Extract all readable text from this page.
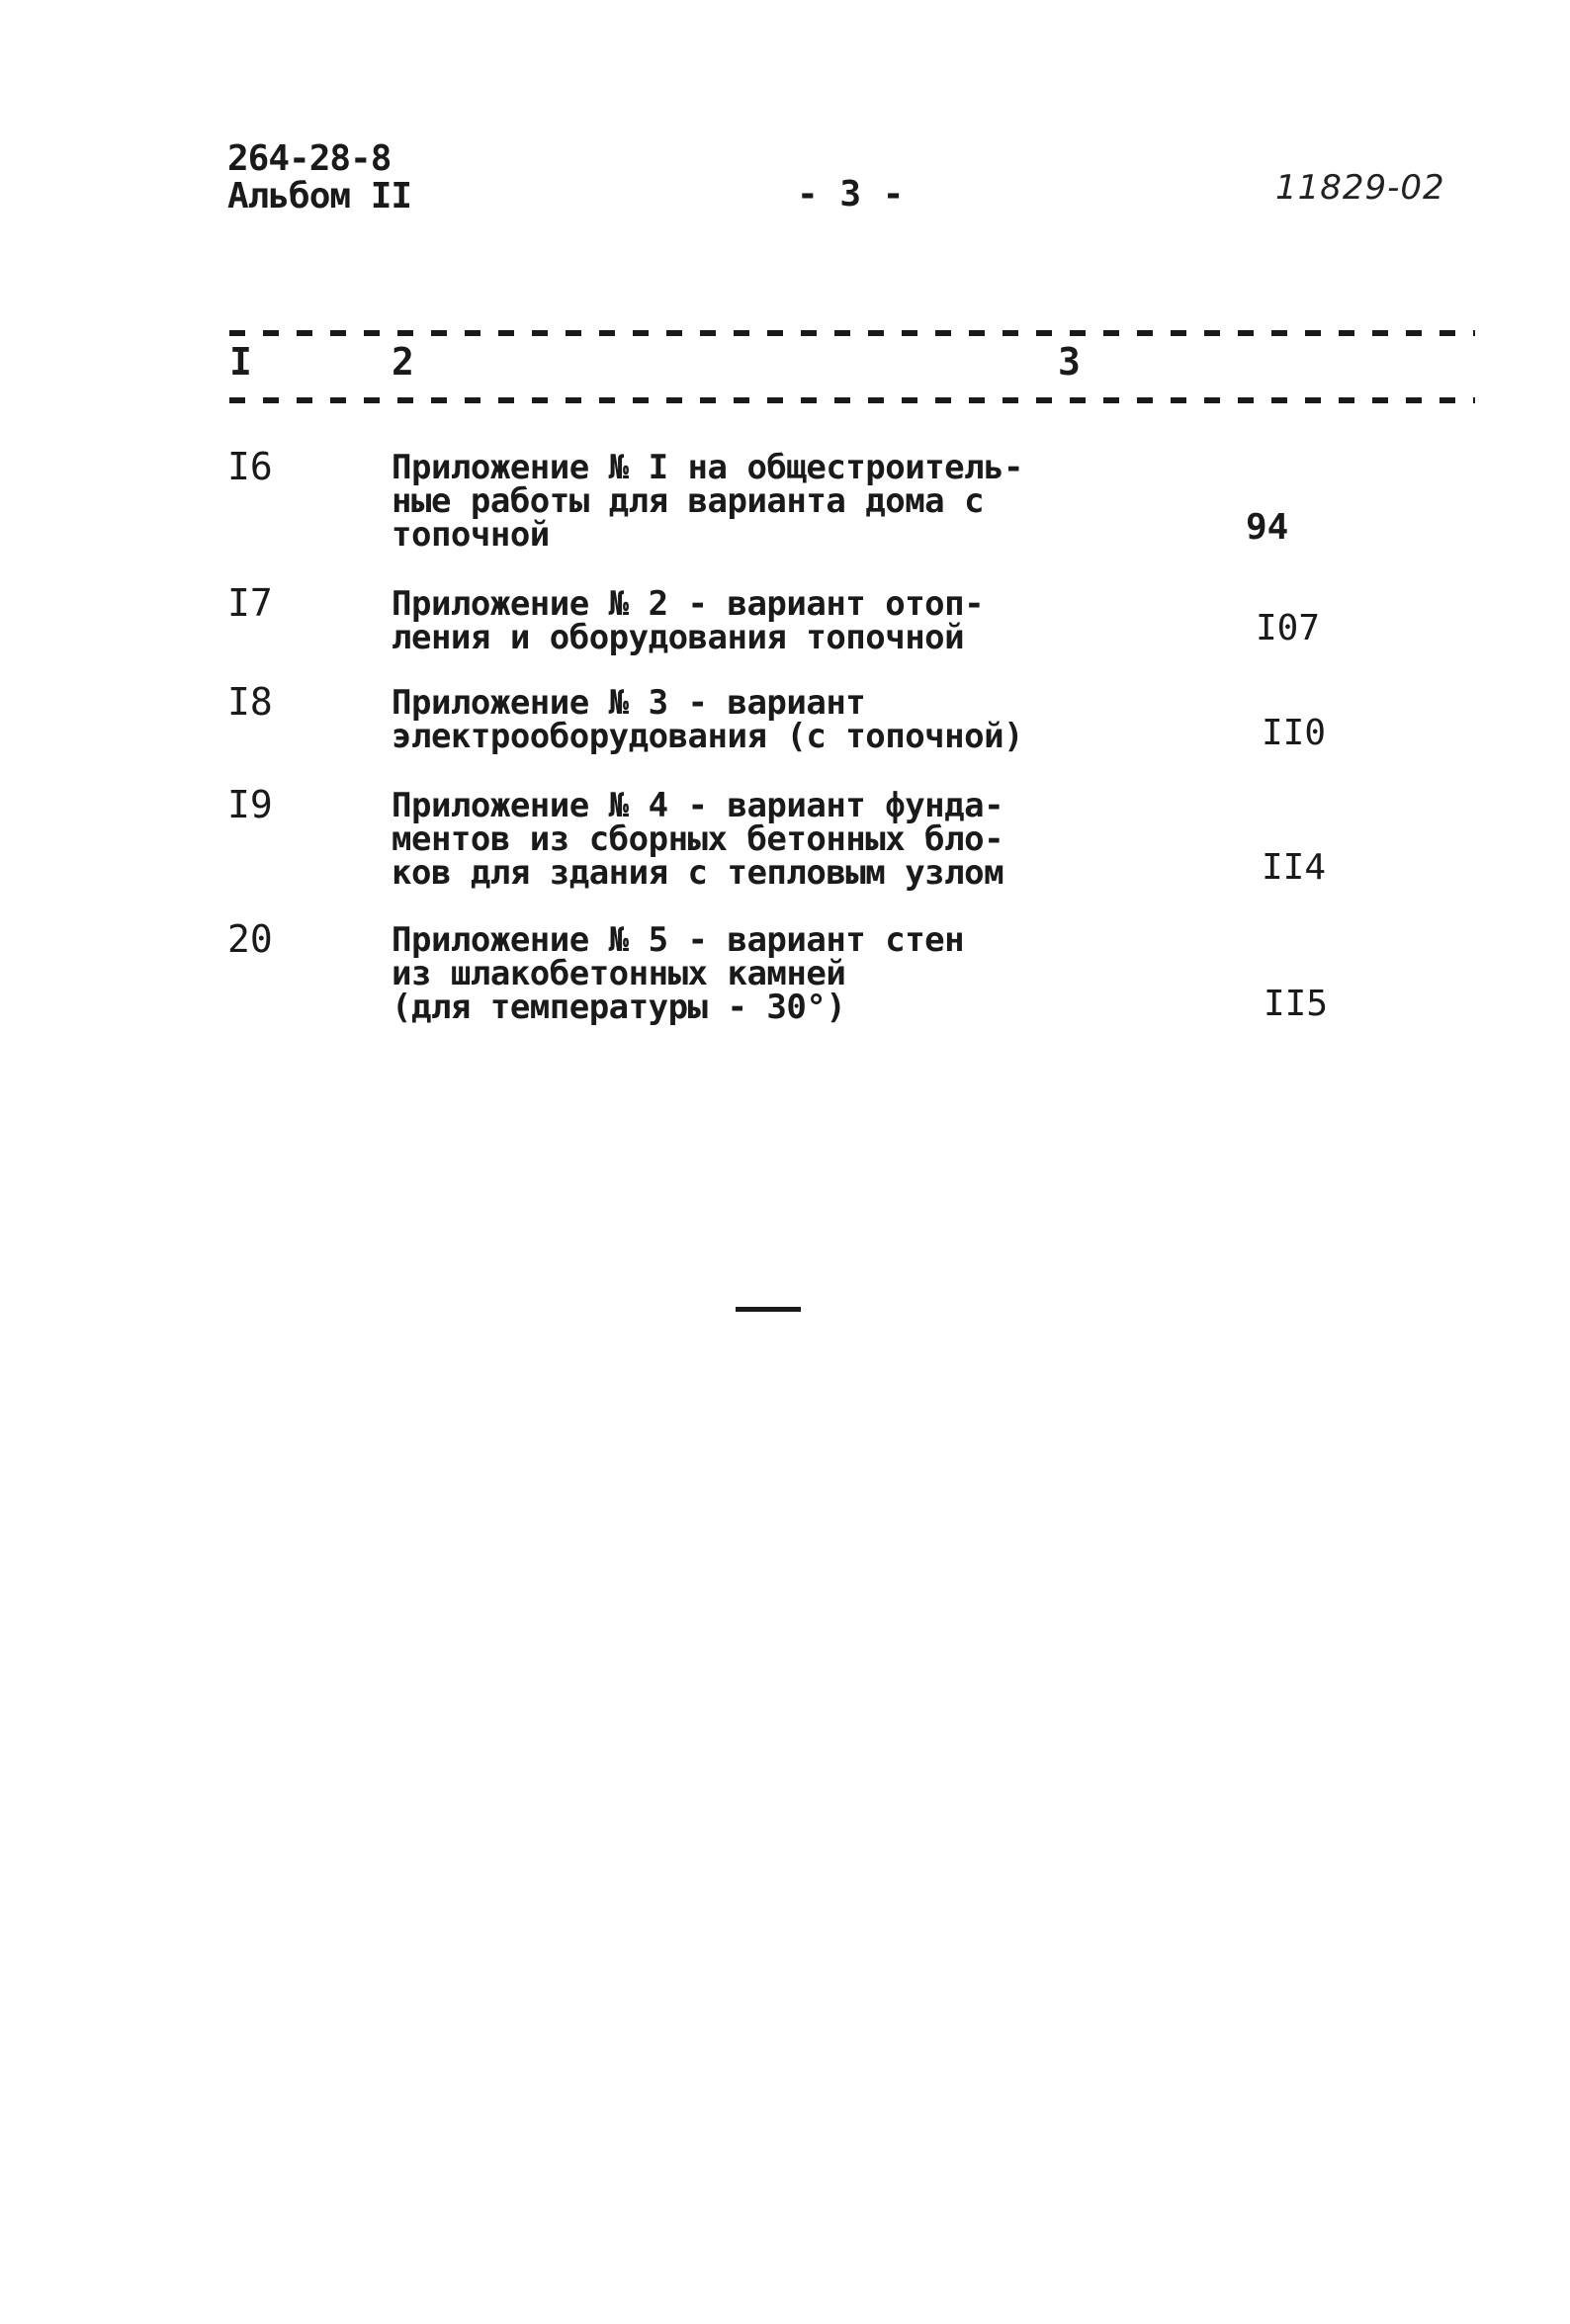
264-28-8
Альбом II	- 3 -	11829-02
I	2	3
I6	Приложение № I на общестроитель-
ные работы для варианта дома с
топочной	94
I7	Приложение № 2 - вариант отоп-
ления и оборудования топочной	I07
I8	Приложение № 3 - вариант
электрооборудования (с топочной)	II0
I9	Приложение № 4 - вариант фунда-
ментов из сборных бетонных бло-
ков для здания с тепловым узлом	II4
20	Приложение № 5 - вариант стен
из шлакобетонных камней
(для температуры - 30°)	II5
